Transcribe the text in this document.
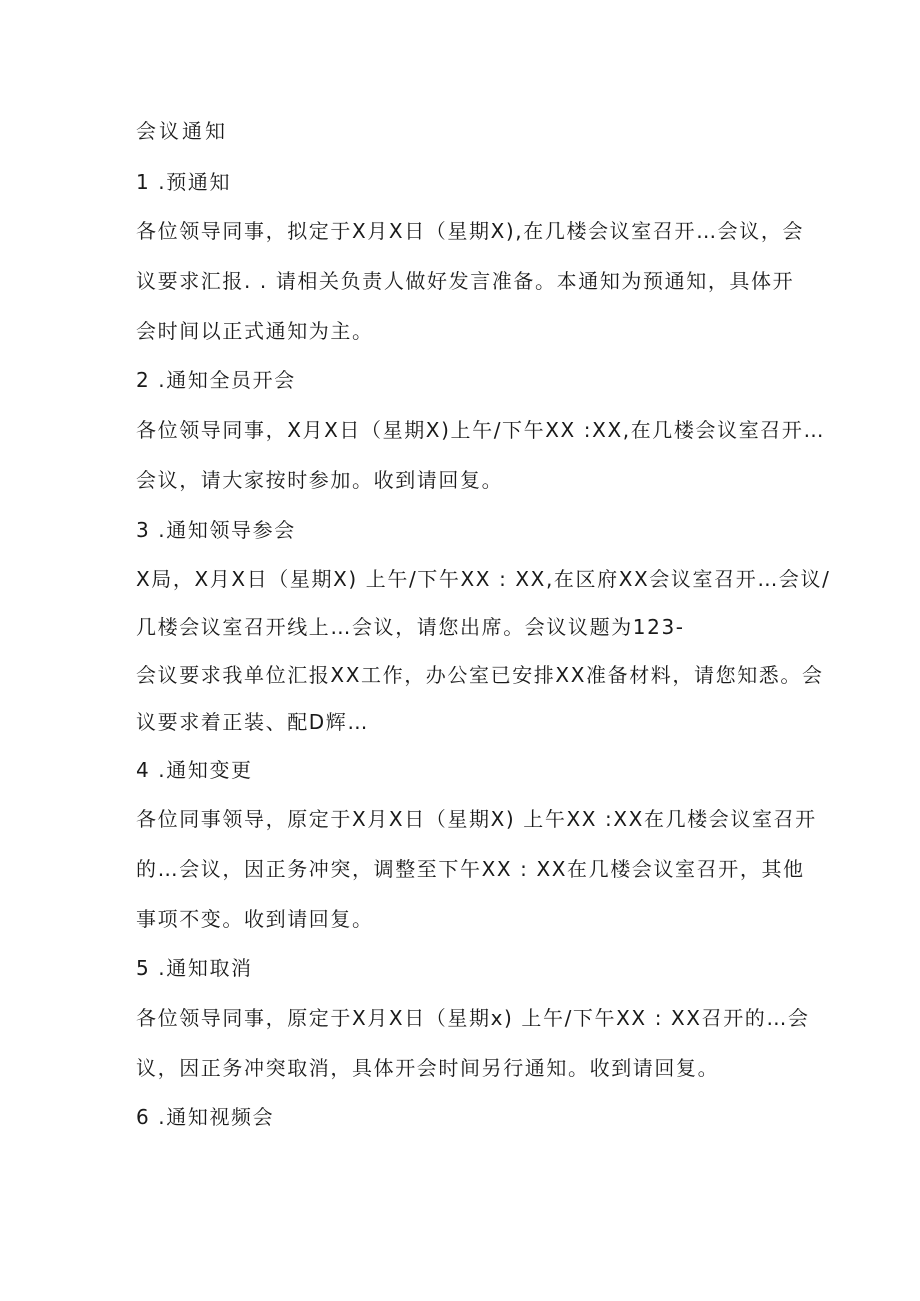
会议通知
1 .预通知
各位领导同事，拟定于X月X日（星期X),在几楼会议室召开…会议，会
议要求汇报. . 请相关负责人做好发言准备。本通知为预通知，具体开
会时间以正式通知为主。
2 .通知全员开会
各位领导同事，X月X日（星期X)上午/下午XX :XX,在几楼会议室召开…
会议，请大家按时参加。收到请回复。
3 .通知领导参会
X局，X月X日（星期X) 上午/下午XX : XX,在区府XX会议室召开…会议/
几楼会议室召开线上…会议，请您出席。会议议题为123-
会议要求我单位汇报XX工作，办公室已安排XX准备材料，请您知悉。会
议要求着正装、配D辉…
4 .通知变更
各位同事领导，原定于X月X日（星期X) 上午XX :XX在几楼会议室召开
的…会议，因正务冲突，调整至下午XX : XX在几楼会议室召开，其他
事项不变。收到请回复。
5 .通知取消
各位领导同事，原定于X月X日（星期x) 上午/下午XX : XX召开的…会
议，因正务冲突取消，具体开会时间另行通知。收到请回复。
6 .通知视频会
